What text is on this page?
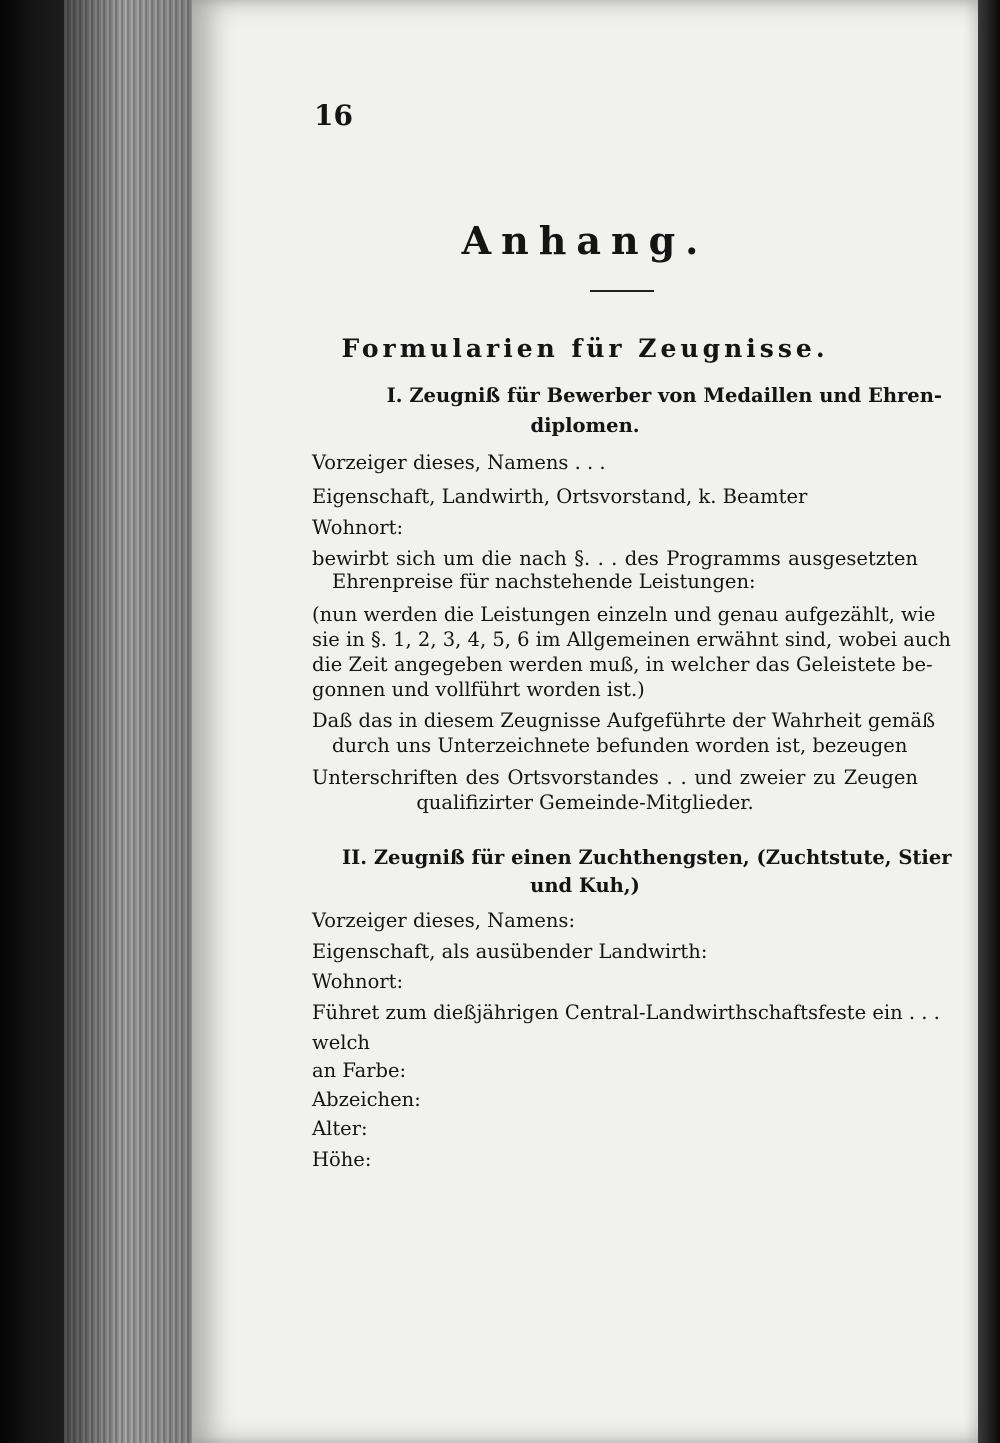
16
Anhang.
Formularien für Zeugnisse.
I. Zeugniß für Bewerber von Medaillen und Ehren-
diplomen.
Vorzeiger dieses, Namens . . .
Eigenschaft, Landwirth, Ortsvorstand, k. Beamter
Wohnort:
bewirbt sich um die nach §. . . des Programms ausgesetzten
Ehrenpreise für nachstehende Leistungen:
(nun werden die Leistungen einzeln und genau aufgezählt, wie
sie in §. 1, 2, 3, 4, 5, 6 im Allgemeinen erwähnt sind, wobei auch
die Zeit angegeben werden muß, in welcher das Geleistete be-
gonnen und vollführt worden ist.)
Daß das in diesem Zeugnisse Aufgeführte der Wahrheit gemäß
durch uns Unterzeichnete befunden worden ist, bezeugen
Unterschriften des Ortsvorstandes . . und zweier zu Zeugen
qualifizirter Gemeinde-Mitglieder.
II. Zeugniß für einen Zuchthengsten, (Zuchtstute, Stier
und Kuh,)
Vorzeiger dieses, Namens:
Eigenschaft, als ausübender Landwirth:
Wohnort:
Führet zum dießjährigen Central-Landwirthschaftsfeste ein . . .
welch
an Farbe:
Abzeichen:
Alter:
Höhe:
